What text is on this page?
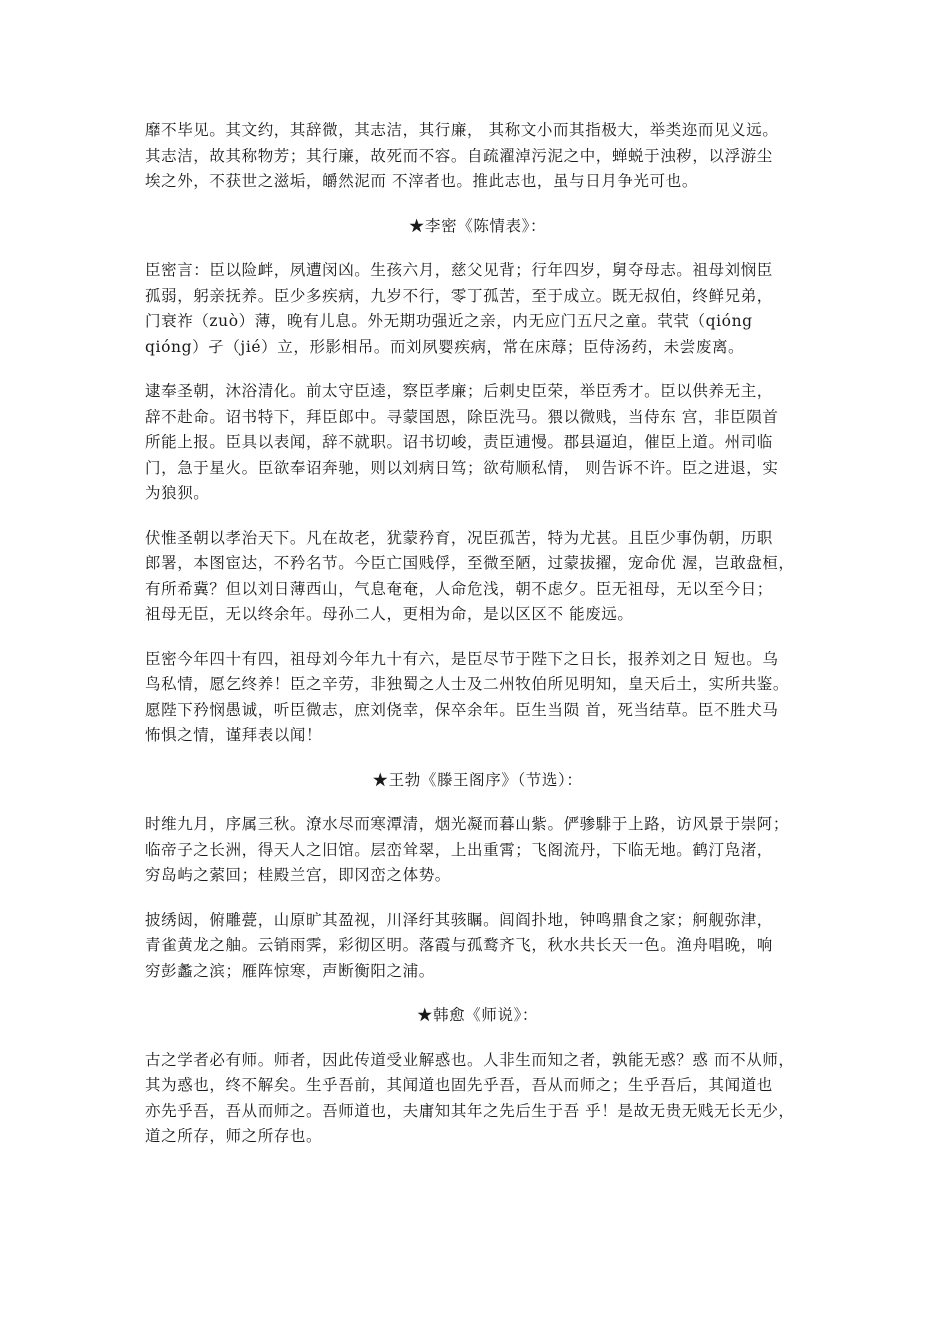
靡不毕见。其文约，其辞微，其志洁，其行廉， 其称文小而其指极大，举类迩而见义远。
其志洁，故其称物芳；其行廉，故死而不容。自疏濯淖污泥之中，蝉蜕于浊秽，以浮游尘
埃之外，不获世之滋垢，皭然泥而 不滓者也。推此志也，虽与日月争光可也。

★李密《陈情表》：

臣密言：臣以险衅，夙遭闵凶。生孩六月，慈父见背；行年四岁，舅夺母志。祖母刘悯臣
孤弱，躬亲抚养。臣少多疾病，九岁不行，零丁孤苦，至于成立。既无叔伯，终鲜兄弟，
门衰祚（zuò）薄，晚有儿息。外无期功强近之亲，内无应门五尺之童。茕茕（qióng
qióng）孑（jié）立，形影相吊。而刘夙婴疾病，常在床蓐；臣侍汤药，未尝废离。

逮奉圣朝，沐浴清化。前太守臣逵，察臣孝廉；后刺史臣荣，举臣秀才。臣以供养无主，
辞不赴命。诏书特下，拜臣郎中。寻蒙国恩，除臣洗马。猥以微贱，当侍东 宫，非臣陨首
所能上报。臣具以表闻，辞不就职。诏书切峻，责臣逋慢。郡县逼迫，催臣上道。州司临
门，急于星火。臣欲奉诏奔驰，则以刘病日笃；欲苟顺私情， 则告诉不许。臣之进退，实
为狼狈。

伏惟圣朝以孝治天下。凡在故老，犹蒙矜育，况臣孤苦，特为尤甚。且臣少事伪朝，历职
郎署，本图宦达，不矜名节。今臣亡国贱俘，至微至陋，过蒙拔擢，宠命优 渥，岂敢盘桓，
有所希冀？但以刘日薄西山，气息奄奄，人命危浅，朝不虑夕。臣无祖母，无以至今日；
祖母无臣，无以终余年。母孙二人，更相为命，是以区区不 能废远。

臣密今年四十有四，祖母刘今年九十有六，是臣尽节于陛下之日长，报养刘之日 短也。乌
鸟私情，愿乞终养！臣之辛劳，非独蜀之人士及二州牧伯所见明知，皇天后土，实所共鉴。
愿陛下矜悯愚诚，听臣微志，庶刘侥幸，保卒余年。臣生当陨 首，死当结草。臣不胜犬马
怖惧之情，谨拜表以闻！

★王勃《滕王阁序》（节选）：

时维九月，序属三秋。潦水尽而寒潭清，烟光凝而暮山紫。俨骖騑于上路，访风景于崇阿；
临帝子之长洲，得天人之旧馆。层峦耸翠，上出重霄；飞阁流丹，下临无地。鹤汀凫渚，
穷岛屿之萦回；桂殿兰宫，即冈峦之体势。

披绣闼，俯雕甍，山原旷其盈视，川泽纡其骇瞩。闾阎扑地，钟鸣鼎食之家；舸舰弥津，
青雀黄龙之舳。云销雨霁，彩彻区明。落霞与孤鹜齐飞，秋水共长天一色。渔舟唱晚，响
穷彭蠡之滨；雁阵惊寒，声断衡阳之浦。

★韩愈《师说》：

古之学者必有师。师者，因此传道受业解惑也。人非生而知之者，孰能无惑？惑 而不从师，
其为惑也，终不解矣。生乎吾前，其闻道也固先乎吾，吾从而师之；生乎吾后，其闻道也
亦先乎吾，吾从而师之。吾师道也，夫庸知其年之先后生于吾 乎！是故无贵无贱无长无少，
道之所存，师之所存也。
